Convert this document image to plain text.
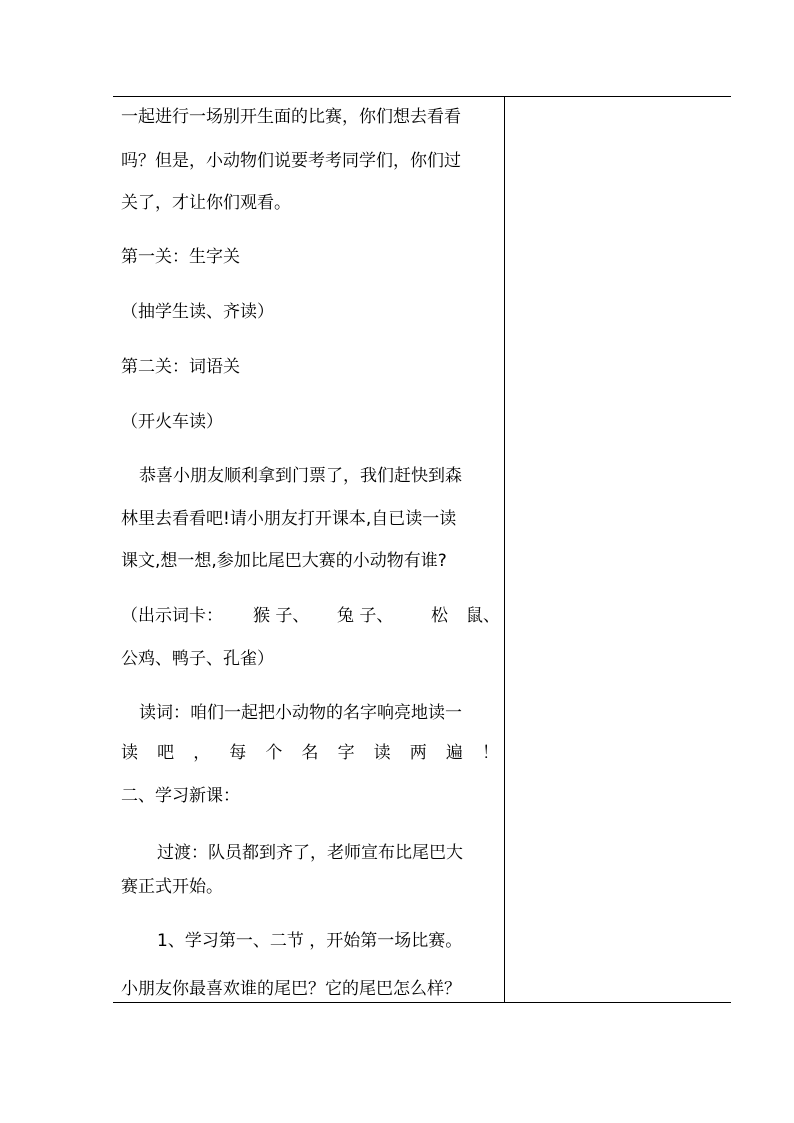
一起进行一场别开生面的比赛，你们想去看看
吗？但是，小动物们说要考考同学们，你们过
关了，才让你们观看。
第一关：生字关
（抽学生读、齐读）
第二关：词语关
（开火车读）
恭喜小朋友顺利拿到门票了，我们赶快到森
林里去看看吧!请小朋友打开课本,自已读一读
课文,想一想,参加比尾巴大赛的小动物有谁?
（出示词卡：	猴 子、 兔 子、 松 鼠、
公鸡、鸭子、孔雀）
读词：咱们一起把小动物的名字响亮地读一
读 吧 ， 每 个 名 字 读 两 遍 ！
二、学习新课：
过渡：队员都到齐了，老师宣布比尾巴大
赛正式开始。
1、学习第一、二节 ，开始第一场比赛。
小朋友你最喜欢谁的尾巴？它的尾巴怎么样？
